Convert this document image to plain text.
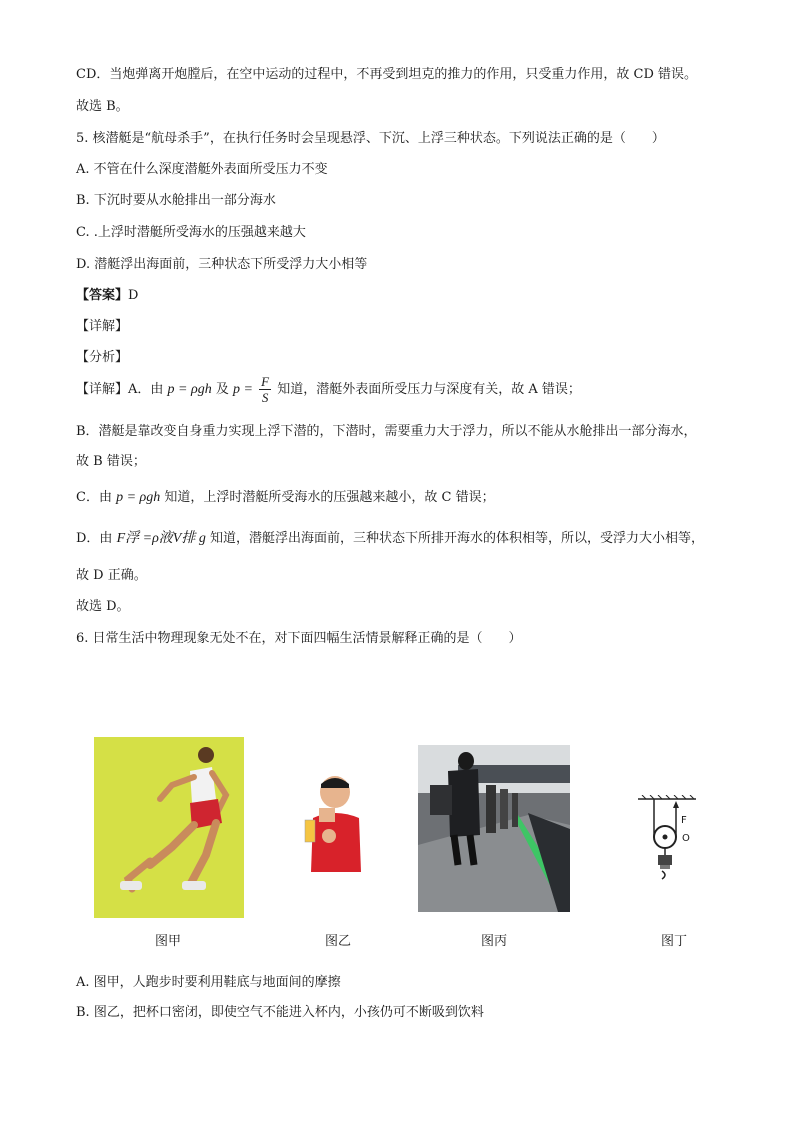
CD．当炮弹离开炮膛后，在空中运动的过程中，不再受到坦克的推力的作用，只受重力作用，故 CD 错误。
故选 B。
5. 核潜艇是“航母杀手”，在执行任务时会呈现悬浮、下沉、上浮三种状态。下列说法正确的是（　　）
A. 不管在什么深度潜艇外表面所受压力不变
B. 下沉时要从水舱排出一部分海水
C. .上浮时潜艇所受海水的压强越来越大
D. 潜艇浮出海面前，三种状态下所受浮力大小相等
【答案】D
【详解】
【分析】
【详解】A．由 p = ρgh 及 $p = \frac{F}{S}$ 知道，潜艇外表面所受压力与深度有关，故 A 错误；
B．潜艇是靠改变自身重力实现上浮下潜的，下潜时，需要重力大于浮力，所以不能从水舱排出一部分海水，
故 B 错误；
C．由 p = ρgh 知道，上浮时潜艇所受海水的压强越来越小，故 C 错误；
D．由 F浮 =ρ液V排 g 知道，潜艇浮出海面前，三种状态下所排开海水的体积相等，所以，受浮力大小相等，
故 D 正确。
故选 D。
6. 日常生活中物理现象无处不在，对下面四幅生活情景解释正确的是（　　）
F
O
图甲	图乙	图丙	图丁
A. 图甲，人跑步时要利用鞋底与地面间的摩擦
B. 图乙，把杯口密闭，即使空气不能进入杯内，小孩仍可不断吸到饮料
